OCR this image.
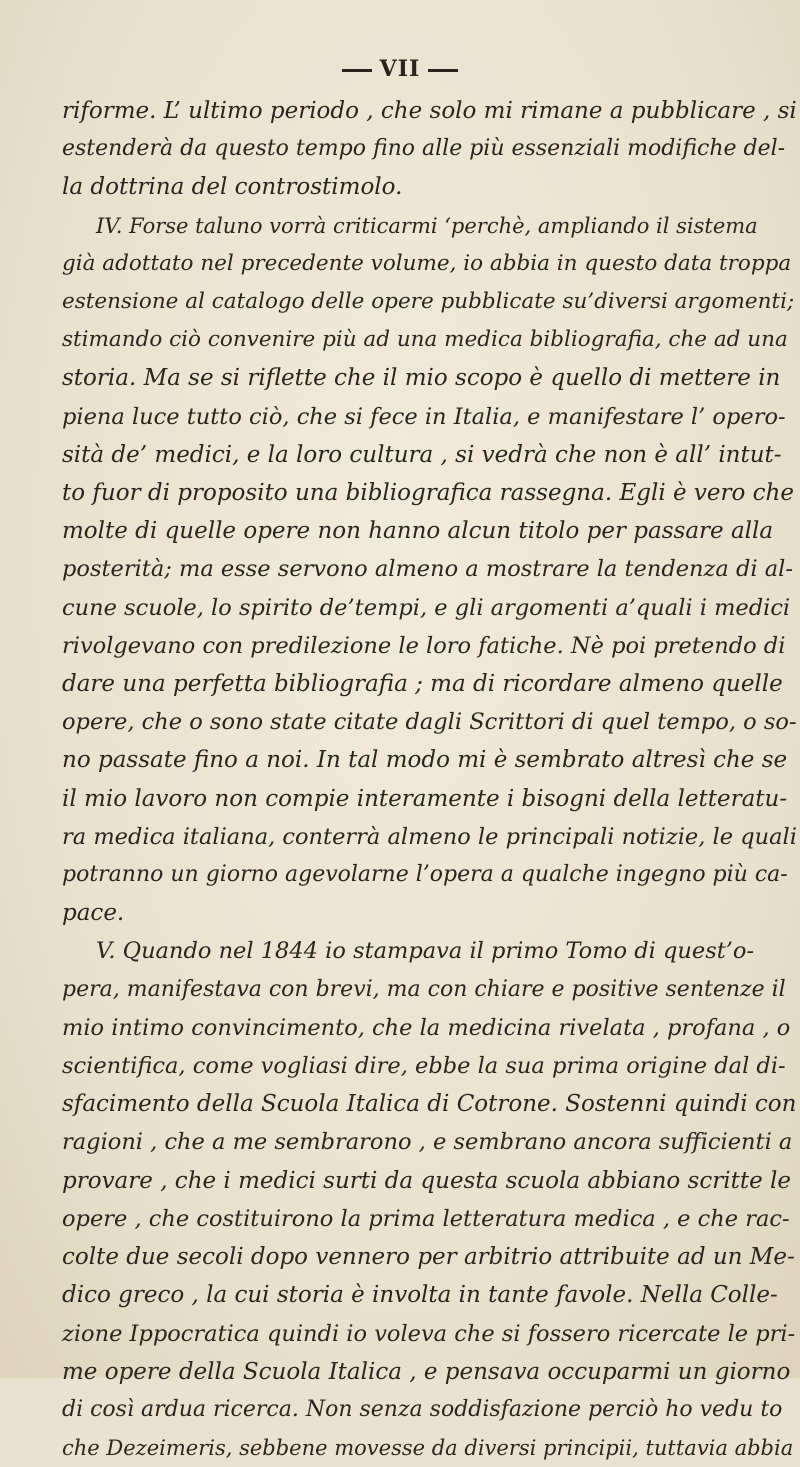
VII
riforme. L’ ultimo periodo , che solo mi rimane a pubblicare , si
estenderà da questo tempo fino alle più essenziali modifiche del-
la dottrina del controstimolo.
IV. Forse taluno vorrà criticarmi ‘perchè, ampliando il sistema
già adottato nel precedente volume, io abbia in questo data troppa
estensione al catalogo delle opere pubblicate su’diversi argomenti;
stimando ciò convenire più ad una medica bibliografia, che ad una
storia. Ma se si riflette che il mio scopo è quello di mettere in
piena luce tutto ciò, che si fece in Italia, e manifestare l’ opero-
sità de’ medici, e la loro cultura , si vedrà che non è all’ intut-
to fuor di proposito una bibliografica rassegna. Egli è vero che
molte di quelle opere non hanno alcun titolo per passare alla
posterità; ma esse servono almeno a mostrare la tendenza di al-
cune scuole, lo spirito de’tempi, e gli argomenti a’quali i medici
rivolgevano con predilezione le loro fatiche. Nè poi pretendo di
dare una perfetta bibliografia ; ma di ricordare almeno quelle
opere, che o sono state citate dagli Scrittori di quel tempo, o so-
no passate fino a noi. In tal modo mi è sembrato altresì che se
il mio lavoro non compie interamente i bisogni della letteratu-
ra medica italiana, conterrà almeno le principali notizie, le quali
potranno un giorno agevolarne l’opera a qualche ingegno più ca-
pace.
V. Quando nel 1844 io stampava il primo Tomo di quest’o-
pera, manifestava con brevi, ma con chiare e positive sentenze il
mio intimo convincimento, che la medicina rivelata , profana , o
scientifica, come vogliasi dire, ebbe la sua prima origine dal di-
sfacimento della Scuola Italica di Cotrone. Sostenni quindi con
ragioni , che a me sembrarono , e sembrano ancora sufficienti a
provare , che i medici surti da questa scuola abbiano scritte le
opere , che costituirono la prima letteratura medica , e che rac-
colte due secoli dopo vennero per arbitrio attribuite ad un Me-
dico greco , la cui storia è involta in tante favole. Nella Colle-
zione Ippocratica quindi io voleva che si fossero ricercate le pri-
me opere della Scuola Italica , e pensava occuparmi un giorno
di così ardua ricerca. Non senza soddisfazione perciò ho vedu to
che Dezeimeris, sebbene movesse da diversi principii, tuttavia abbia
